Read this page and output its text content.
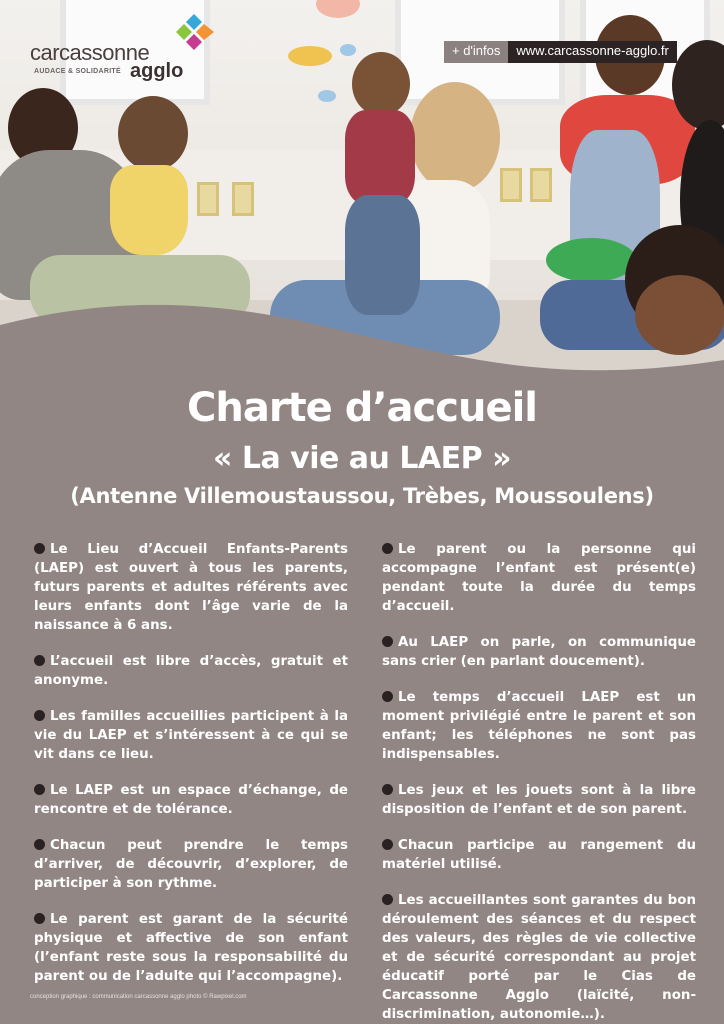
carcassonne
AUDACE & SOLIDARITÉ agglo
+ d'infos	www.carcassonne-agglo.fr
Charte d’accueil
« La vie au LAEP »
(Antenne Villemoustaussou, Trèbes, Moussoulens)

Le Lieu d’Accueil Enfants-Parents (LAEP) est ouvert à tous les parents, futurs parents et adultes référents avec leurs enfants dont l’âge varie de la naissance à 6 ans.

L’accueil est libre d’accès, gratuit et anonyme.

Les familles accueillies participent à la vie du LAEP et s’intéressent à ce qui se vit dans ce lieu.

Le LAEP est un espace d’échange, de rencontre et de tolérance.

Chacun peut prendre le temps d’arriver, de découvrir, d’explorer, de participer à son rythme.

Le parent est garant de la sécurité physique et affective de son enfant (l’enfant reste sous la responsabilité du parent ou de l’adulte qui l’accompagne).

Le parent ou la personne qui accompagne l’enfant est présent(e) pendant toute la durée du temps d’accueil.

Au LAEP on parle, on communique sans crier (en parlant doucement).

Le temps d’accueil LAEP est un moment privilégié entre le parent et son enfant; les téléphones ne sont pas indispensables.

Les jeux et les jouets sont à la libre disposition de l’enfant et de son parent.

Chacun participe au rangement du matériel utilisé.

Les accueillantes sont garantes du bon déroulement des séances et du respect des valeurs, des règles de vie collective et de sécurité correspondant au projet éducatif porté par le Cias de Carcassonne Agglo (laïcité, non-discrimination, autonomie…).

conception graphique : communication carcassonne agglo photo © Rawpixel.com
